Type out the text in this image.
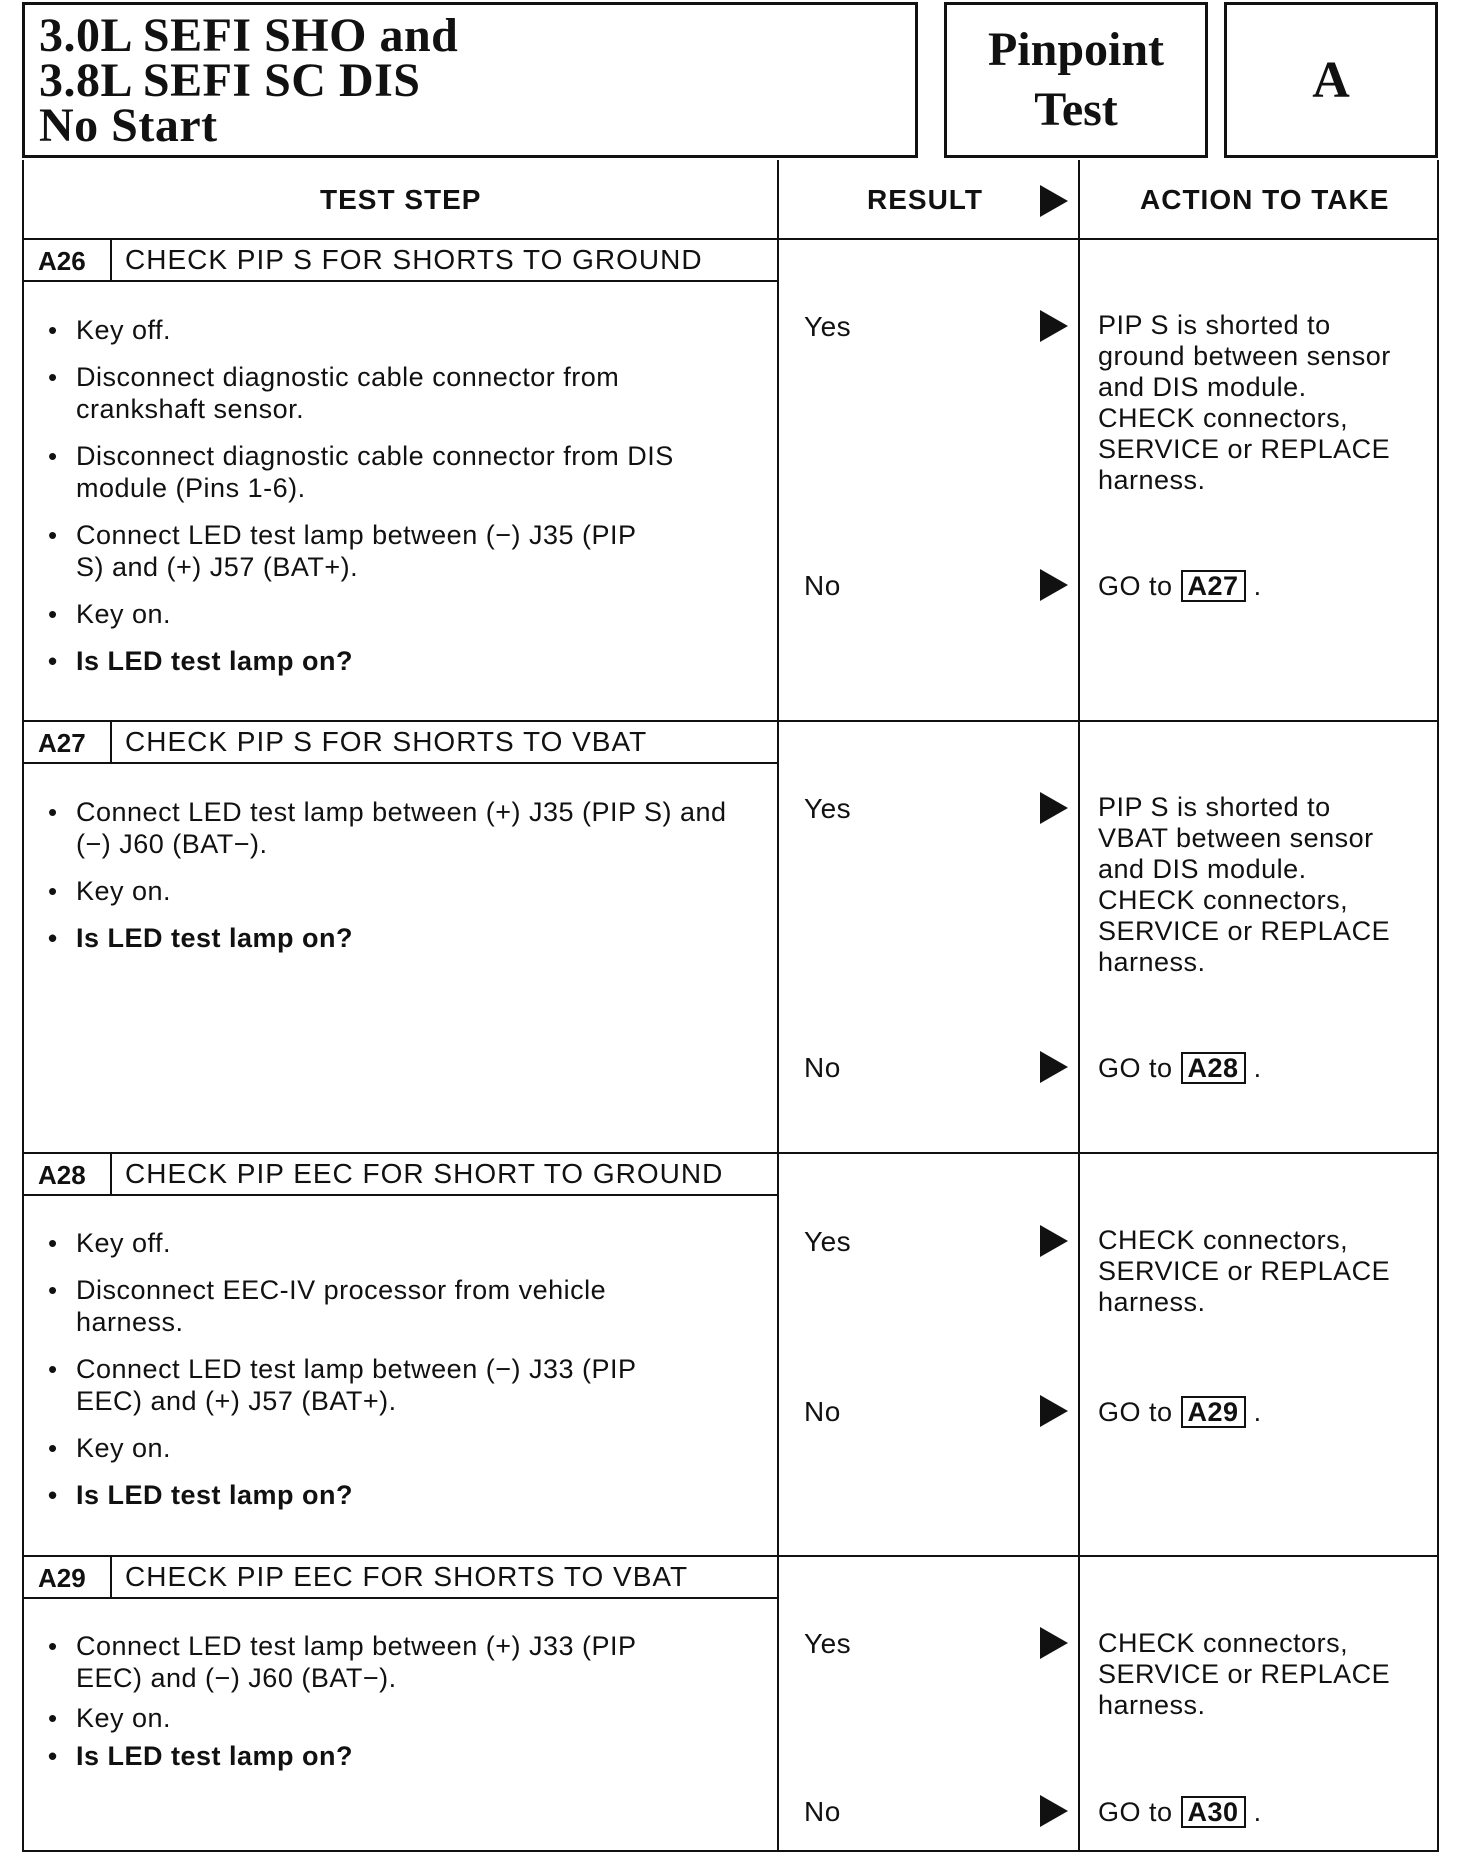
3.0L SEFI SHO and
3.8L SEFI SC DIS
No Start
Pinpoint
Test
A
TEST STEP	RESULT	ACTION TO TAKE
A26 CHECK PIP S FOR SHORTS TO GROUND
• Key off.
• Disconnect diagnostic cable connector from crankshaft sensor.
• Disconnect diagnostic cable connector from DIS module (Pins 1-6).
• Connect LED test lamp between (−) J35 (PIP S) and (+) J57 (BAT+).
• Key on.
• Is LED test lamp on?
Yes	PIP S is shorted to ground between sensor and DIS module. CHECK connectors, SERVICE or REPLACE harness.
No	GO to A27 .
A27 CHECK PIP S FOR SHORTS TO VBAT
• Connect LED test lamp between (+) J35 (PIP S) and (−) J60 (BAT−).
• Key on.
• Is LED test lamp on?
Yes	PIP S is shorted to VBAT between sensor and DIS module. CHECK connectors, SERVICE or REPLACE harness.
No	GO to A28 .
A28 CHECK PIP EEC FOR SHORT TO GROUND
• Key off.
• Disconnect EEC-IV processor from vehicle harness.
• Connect LED test lamp between (−) J33 (PIP EEC) and (+) J57 (BAT+).
• Key on.
• Is LED test lamp on?
Yes	CHECK connectors, SERVICE or REPLACE harness.
No	GO to A29 .
A29 CHECK PIP EEC FOR SHORTS TO VBAT
• Connect LED test lamp between (+) J33 (PIP EEC) and (−) J60 (BAT−).
• Key on.
• Is LED test lamp on?
Yes	CHECK connectors, SERVICE or REPLACE harness.
No	GO to A30 .
